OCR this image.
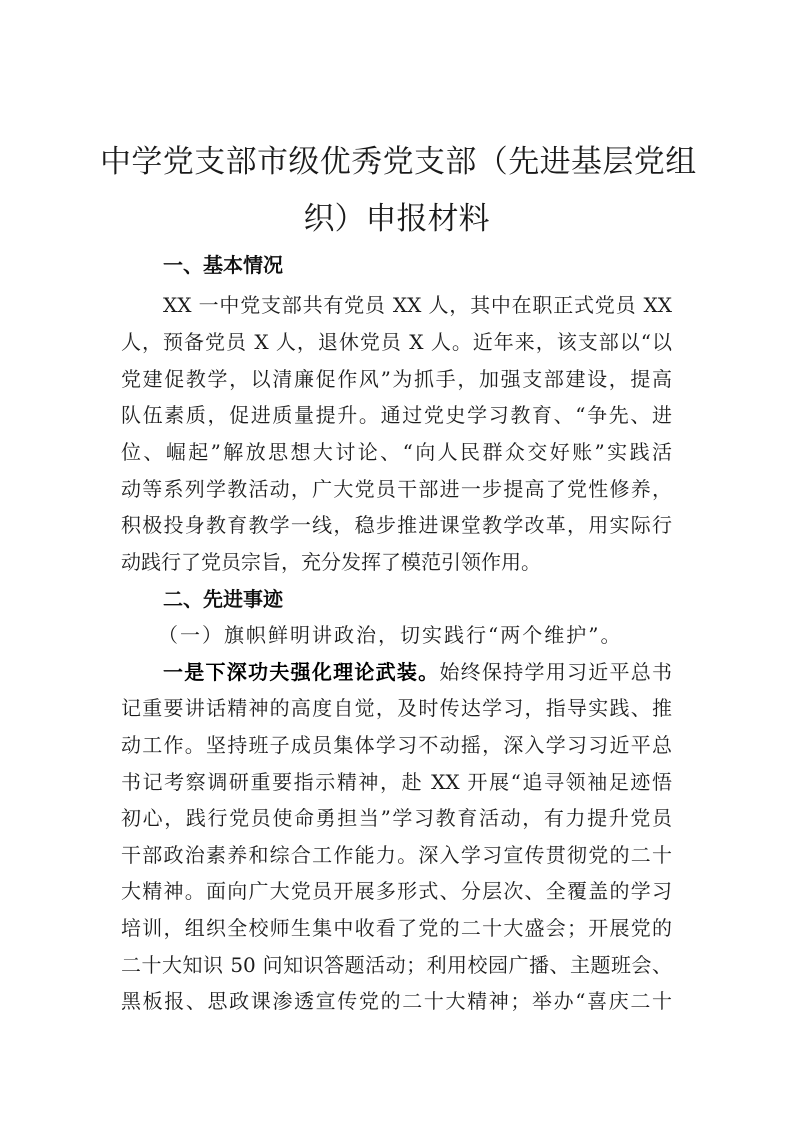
中学党支部市级优秀党支部（先进基层党组
织）申报材料
一、基本情况
XX 一中党支部共有党员 XX 人，其中在职正式党员 XX
人，预备党员 X 人，退休党员 X 人。近年来，该支部以“以
党建促教学，以清廉促作风”为抓手，加强支部建设，提高
队伍素质，促进质量提升。通过党史学习教育、“争先、进
位、崛起”解放思想大讨论、“向人民群众交好账”实践活
动等系列学教活动，广大党员干部进一步提高了党性修养，
积极投身教育教学一线，稳步推进课堂教学改革，用实际行
动践行了党员宗旨，充分发挥了模范引领作用。
二、先进事迹
（一）旗帜鲜明讲政治，切实践行“两个维护”。
一是下深功夫强化理论武装。始终保持学用习近平总书
记重要讲话精神的高度自觉，及时传达学习，指导实践、推
动工作。坚持班子成员集体学习不动摇，深入学习习近平总
书记考察调研重要指示精神，赴 XX 开展“追寻领袖足迹悟
初心，践行党员使命勇担当”学习教育活动，有力提升党员
干部政治素养和综合工作能力。深入学习宣传贯彻党的二十
大精神。面向广大党员开展多形式、分层次、全覆盖的学习
培训，组织全校师生集中收看了党的二十大盛会；开展党的
二十大知识 50 问知识答题活动；利用校园广播、主题班会、
黑板报、思政课渗透宣传党的二十大精神；举办“喜庆二十
